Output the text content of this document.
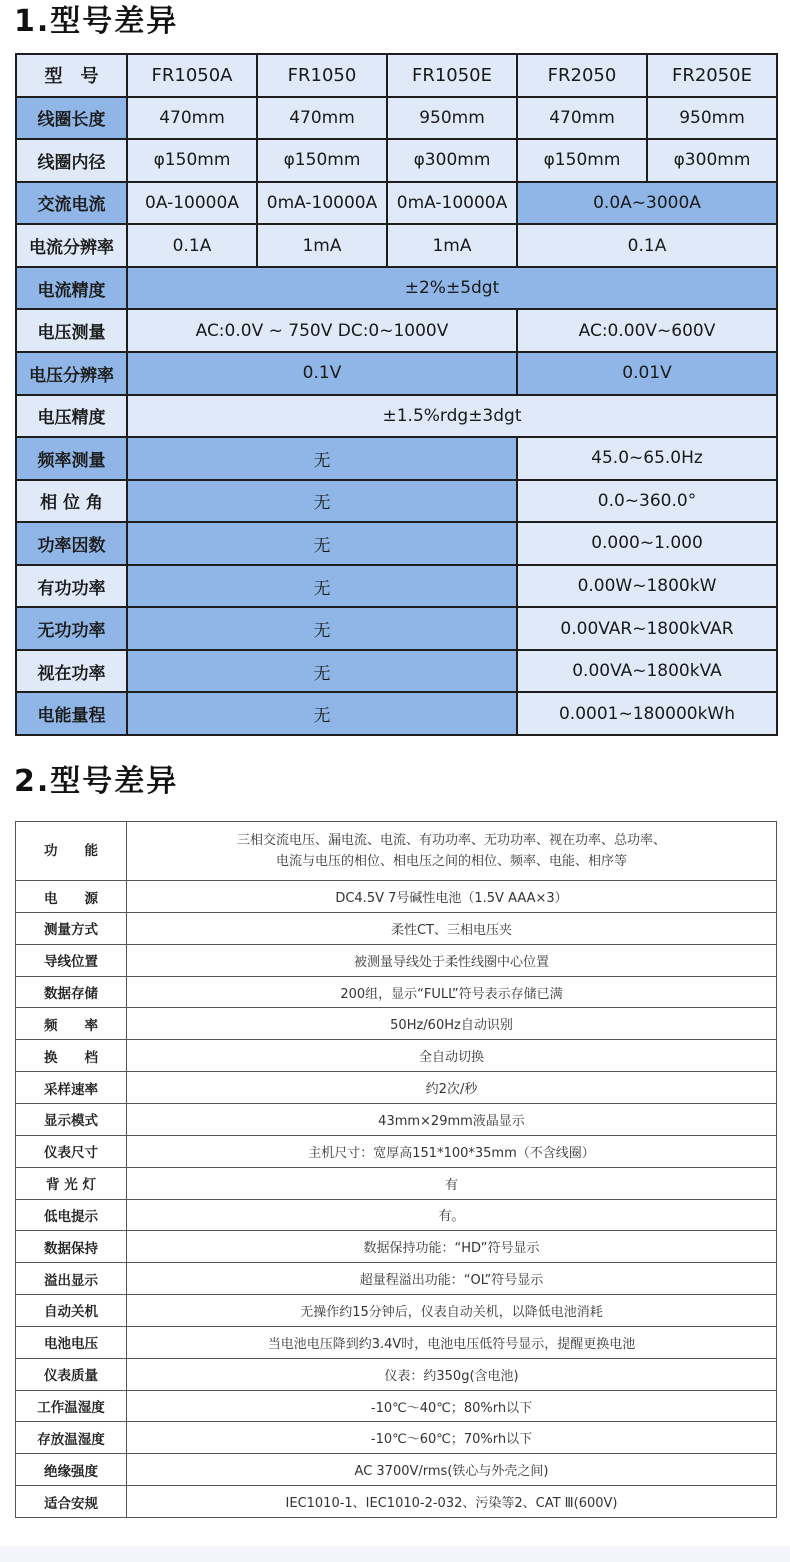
1.型号差异
型　号	FR1050A	FR1050	FR1050E	FR2050	FR2050E
线圈长度	470mm	470mm	950mm	470mm	950mm
线圈内径	φ150mm	φ150mm	φ300mm	φ150mm	φ300mm
交流电流	0A-10000A	0mA-10000A	0mA-10000A	0.0A~3000A	
电流分辨率	0.1A	1mA	1mA	0.1A	
电流精度	±2%±5dgt				
电压测量	AC:0.0V ~ 750V DC:0~1000V			AC:0.00V~600V	
电压分辨率	0.1V			0.01V	
电压精度	±1.5%rdg±3dgt				
频率测量	无			45.0~65.0Hz	
相 位 角	无			0.0~360.0°	
功率因数	无			0.000~1.000	
有功功率	无			0.00W~1800kW	
无功功率	无			0.00VAR~1800kVAR	
视在功率	无			0.00VA~1800kVA	
电能量程	无			0.0001~180000kWh	
2.型号差异
功　　能	三相交流电压、漏电流、电流、有功功率、无功功率、视在功率、总功率、
电流与电压的相位、相电压之间的相位、频率、电能、相序等

电　　源	DC4.5V 7号碱性电池（1.5V AAA×3）
测量方式	柔性CT、三相电压夹
导线位置	被测量导线处于柔性线圈中心位置
数据存储	200组，显示“FULL”符号表示存储已满
频　　率	50Hz/60Hz自动识别
换　　档	全自动切换
采样速率	约2次/秒
显示模式	43mm×29mm液晶显示
仪表尺寸	主机尺寸：宽厚高151*100*35mm（不含线圈）
背 光 灯	有
低电提示	有。
数据保持	数据保持功能：“HD”符号显示
溢出显示	超量程溢出功能：“OL”符号显示
自动关机	无操作约15分钟后，仪表自动关机，以降低电池消耗
电池电压	当电池电压降到约3.4V时，电池电压低符号显示，提醒更换电池
仪表质量	仪表：约350g(含电池)
工作温湿度	-10℃～40℃；80%rh以下
存放温湿度	-10℃～60℃；70%rh以下
绝缘强度	AC 3700V/rms(铁心与外壳之间)
适合安规	IEC1010-1、IEC1010-2-032、污染等2、CAT Ⅲ(600V)
